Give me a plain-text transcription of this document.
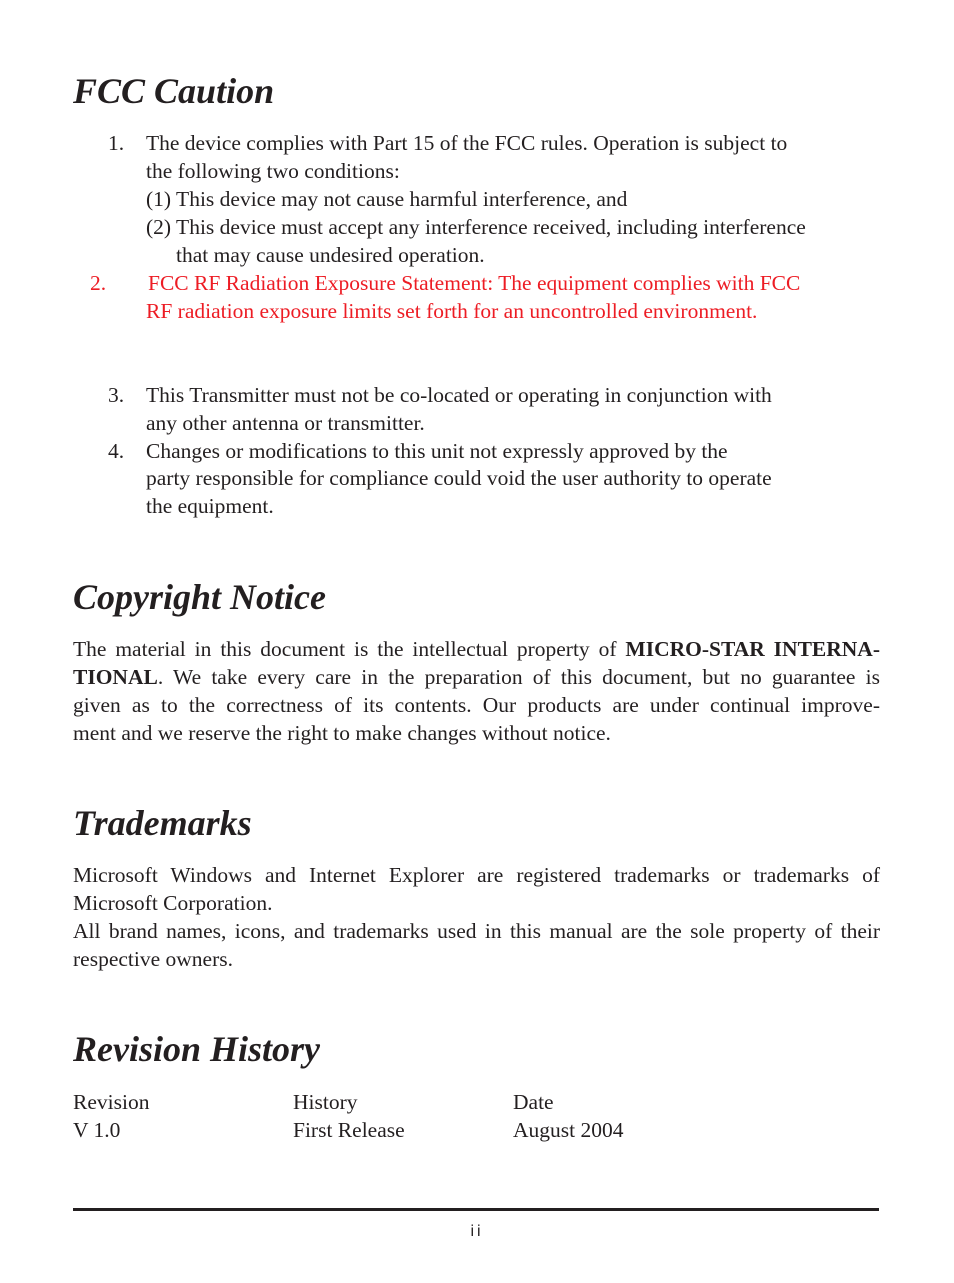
FCC Caution
1. The device complies with Part 15 of the FCC rules. Operation is subject to
the following two conditions:
(1) This device may not cause harmful interference, and
(2) This device must accept any interference received, including interference
that may cause undesired operation.
2. FCC RF Radiation Exposure Statement: The equipment complies with FCC
RF radiation exposure limits set forth for an uncontrolled environment.
3. This Transmitter must not be co-located or operating in conjunction with
any other antenna or transmitter.
4. Changes or modifications to this unit not expressly approved by the
party responsible for compliance could void the user authority to operate
the equipment.
Copyright Notice
The material in this document is the intellectual property of MICRO-STAR INTERNA-
TIONAL. We take every care in the preparation of this document, but no guarantee is
given as to the correctness of its contents. Our products are under continual improve-
ment and we reserve the right to make changes without notice.
Trademarks
Microsoft Windows and Internet Explorer are registered trademarks or trademarks of
Microsoft Corporation.
All brand names, icons, and trademarks used in this manual are the sole property of their
respective owners.
Revision History
Revision	History	Date
V 1.0	First Release	August 2004
ii
